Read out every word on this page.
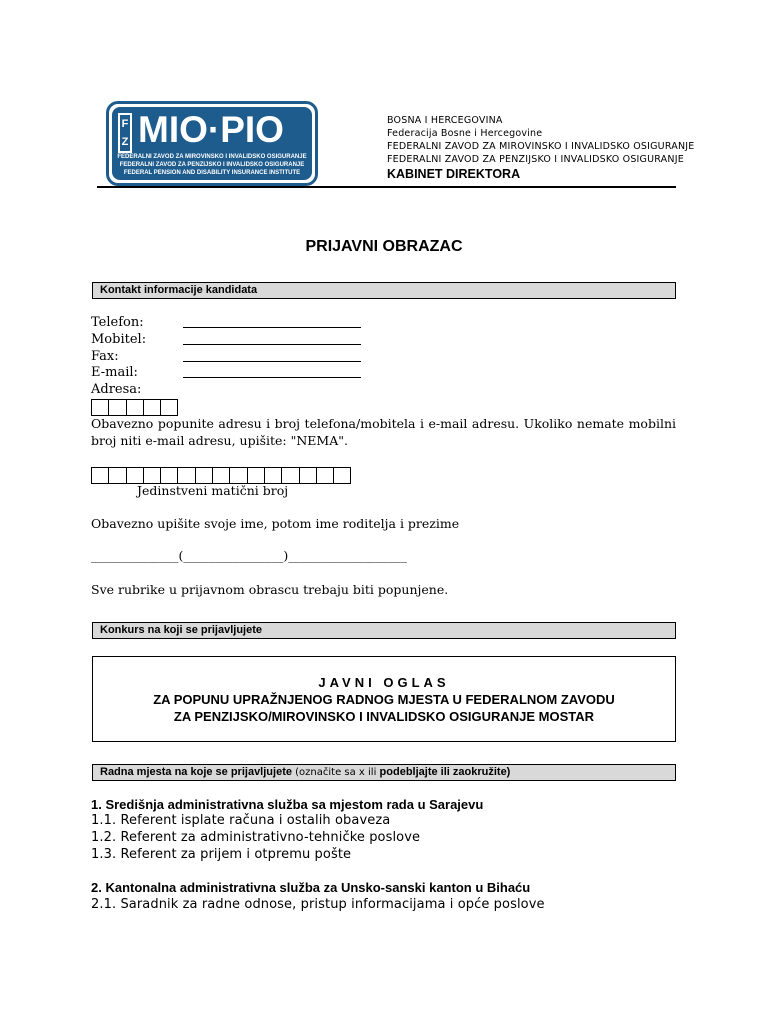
F
Z MIO·PIO
FEDERALNI ZAVOD ZA MIROVINSKO I INVALIDSKO OSIGURANJE
FEDERALNI ZAVOD ZA PENZIJSKO I INVALIDSKO OSIGURANJE
FEDERAL PENSION AND DISABILITY INSURANCE INSTITUTE
BOSNA I HERCEGOVINA
Federacija Bosne i Hercegovine
FEDERALNI ZAVOD ZA MIROVINSKO I INVALIDSKO OSIGURANJE
FEDERALNI ZAVOD ZA PENZIJSKO I INVALIDSKO OSIGURANJE
KABINET DIREKTORA
PRIJAVNI OBRAZAC
Kontakt informacije kandidata
Telefon:
Mobitel:
Fax:
E-mail:
Adresa:
Obavezno popunite adresu i broj telefona/mobitela i e-mail adresu. Ukoliko nemate mobilni broj niti e-mail adresu, upišite: "NEMA".
Jedinstveni matični broj
Obavezno upišite svoje ime, potom ime roditelja i prezime
______________(________________)___________________
Sve rubrike u prijavnom obrascu trebaju biti popunjene.
Konkurs na koji se prijavljujete
JAVNI OGLAS
ZA POPUNU UPRAŽNJENOG RADNOG MJESTA U FEDERALNOM ZAVODU
ZA PENZIJSKO/MIROVINSKO I INVALIDSKO OSIGURANJE MOSTAR
Radna mjesta na koje se prijavljujete (označite sa x ili podebljajte ili zaokružite)
1. Središnja administrativna služba sa mjestom rada u Sarajevu
1.1. Referent isplate računa i ostalih obaveza
1.2. Referent za administrativno-tehničke poslove
1.3. Referent za prijem i otpremu pošte
2. Kantonalna administrativna služba za Unsko-sanski kanton u Bihaću
2.1. Saradnik za radne odnose, pristup informacijama i opće poslove
